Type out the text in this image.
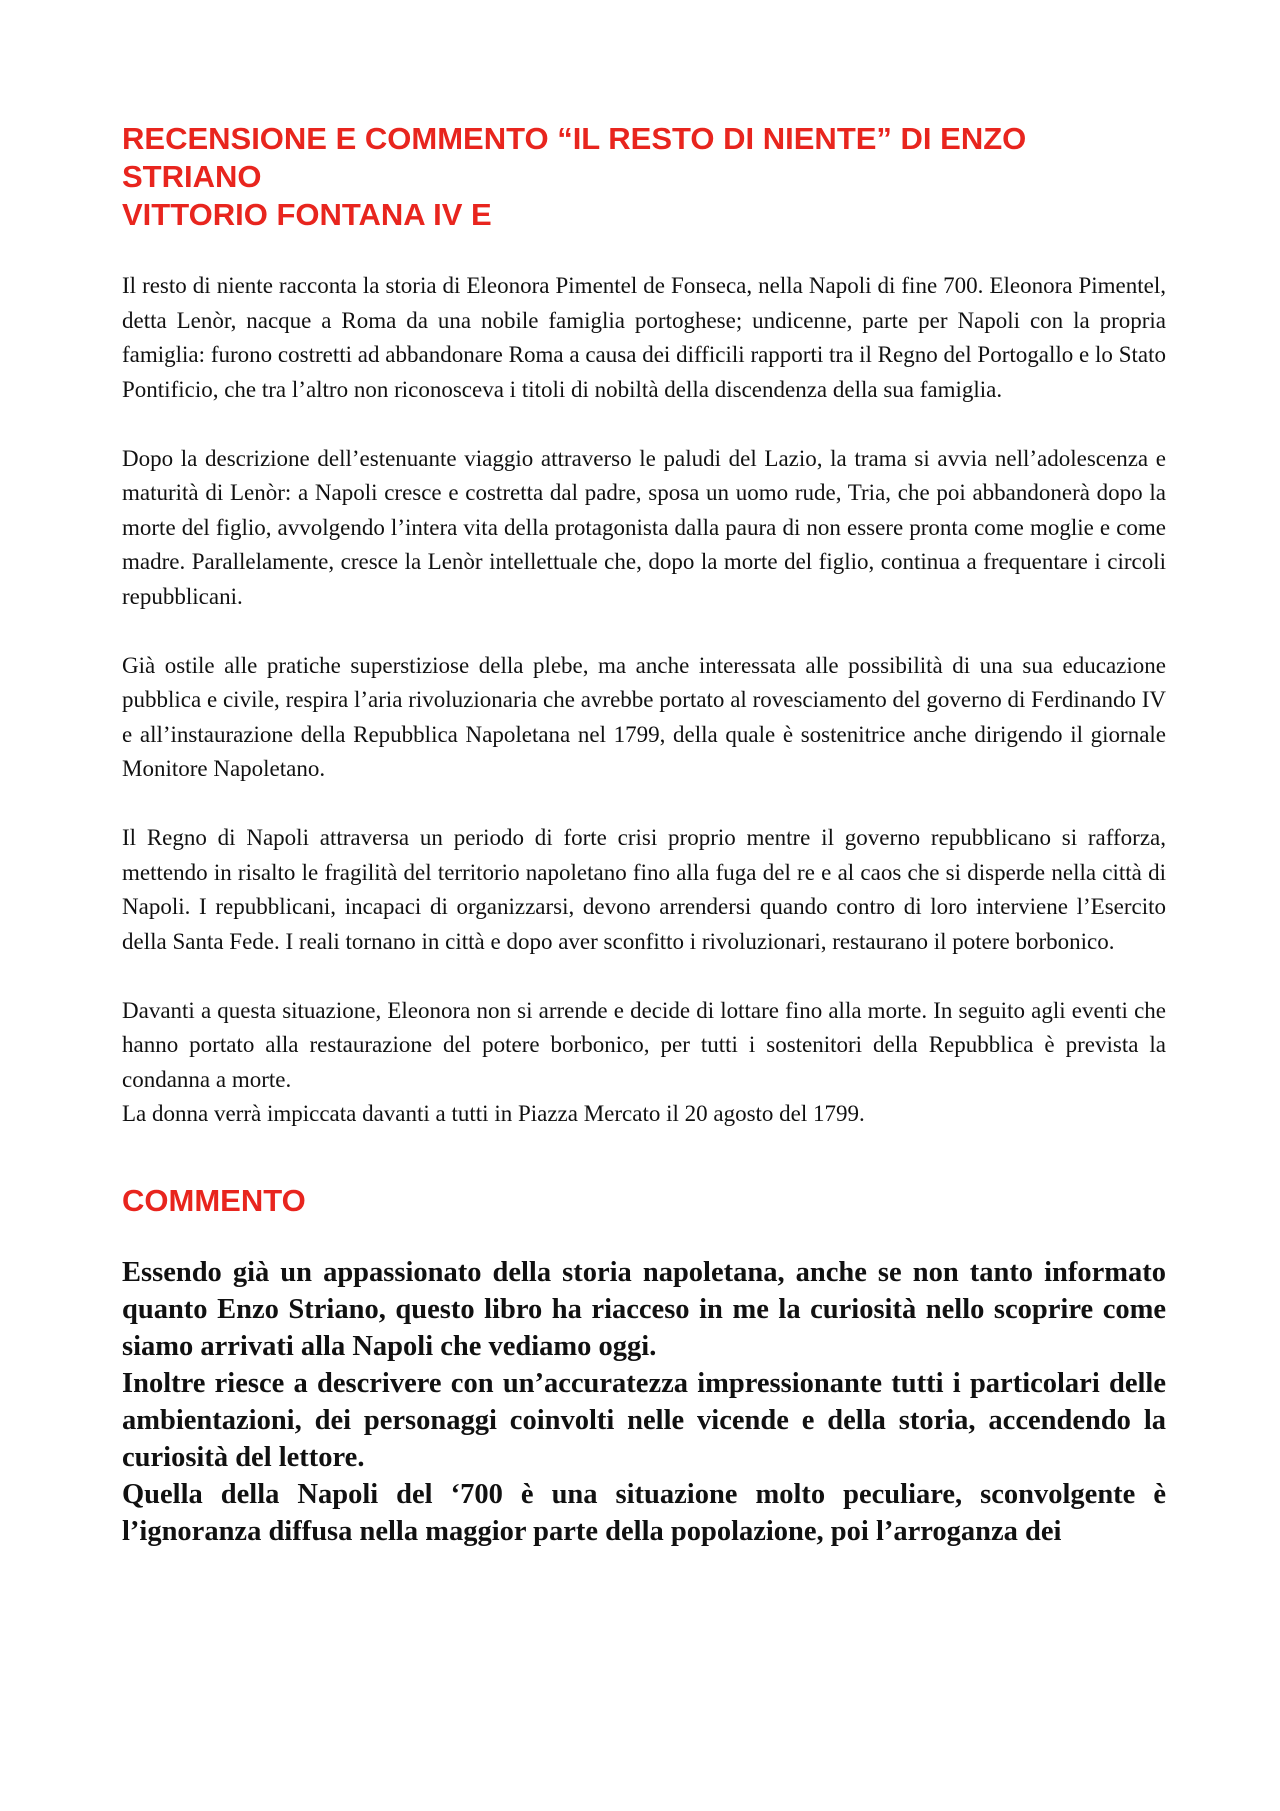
RECENSIONE E COMMENTO “IL RESTO DI NIENTE” DI ENZO STRIANO
VITTORIO FONTANA IV E

Il resto di niente racconta la storia di Eleonora Pimentel de Fonseca, nella Napoli di fine 700. Eleonora Pimentel, detta Lenòr, nacque a Roma da una nobile famiglia portoghese; undicenne, parte per Napoli con la propria famiglia: furono costretti ad abbandonare Roma a causa dei difficili rapporti tra il Regno del Portogallo e lo Stato Pontificio, che tra l’altro non riconosceva i titoli di nobiltà della discendenza della sua famiglia.

Dopo la descrizione dell’estenuante viaggio attraverso le paludi del Lazio, la trama si avvia nell’adolescenza e maturità di Lenòr: a Napoli cresce e costretta dal padre, sposa un uomo rude, Tria, che poi abbandonerà dopo la morte del figlio, avvolgendo l’intera vita della protagonista dalla paura di non essere pronta come moglie e come madre. Parallelamente, cresce la Lenòr intellettuale che, dopo la morte del figlio, continua a frequentare i circoli repubblicani.

Già ostile alle pratiche superstiziose della plebe, ma anche interessata alle possibilità di una sua educazione pubblica e civile, respira l’aria rivoluzionaria che avrebbe portato al rovesciamento del governo di Ferdinando IV e all’instaurazione della Repubblica Napoletana nel 1799, della quale è sostenitrice anche dirigendo il giornale Monitore Napoletano.

Il Regno di Napoli attraversa un periodo di forte crisi proprio mentre il governo repubblicano si rafforza, mettendo in risalto le fragilità del territorio napoletano fino alla fuga del re e al caos che si disperde nella città di Napoli. I repubblicani, incapaci di organizzarsi, devono arrendersi quando contro di loro interviene l’Esercito della Santa Fede. I reali tornano in città e dopo aver sconfitto i rivoluzionari, restaurano il potere borbonico.

Davanti a questa situazione, Eleonora non si arrende e decide di lottare fino alla morte. In seguito agli eventi che hanno portato alla restaurazione del potere borbonico, per tutti i sostenitori della Repubblica è prevista la condanna a morte.

La donna verrà impiccata davanti a tutti in Piazza Mercato il 20 agosto del 1799.

COMMENTO

Essendo già un appassionato della storia napoletana, anche se non tanto informato quanto Enzo Striano, questo libro ha riacceso in me la curiosità nello scoprire come siamo arrivati alla Napoli che vediamo oggi.

Inoltre riesce a descrivere con un’accuratezza impressionante tutti i particolari delle ambientazioni, dei personaggi coinvolti nelle vicende e della storia, accendendo la curiosità del lettore.

Quella della Napoli del ‘700 è una situazione molto peculiare, sconvolgente è l’ignoranza diffusa nella maggior parte della popolazione, poi l’arroganza dei
